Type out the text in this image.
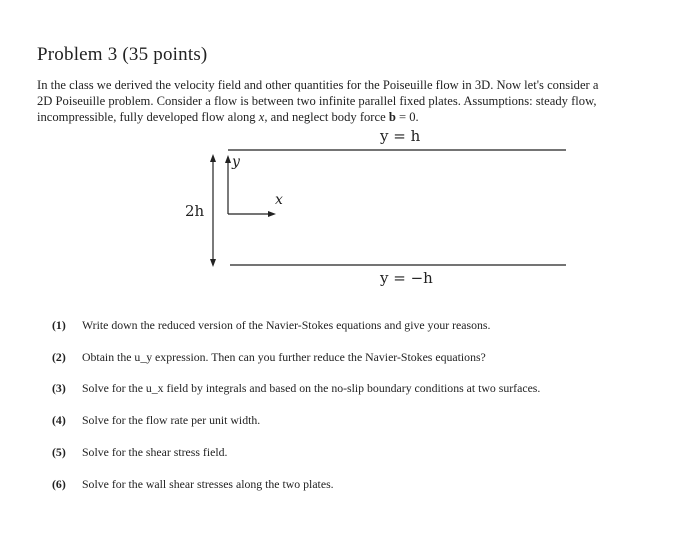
Problem 3 (35 points)
In the class we derived the velocity field and other quantities for the Poiseuille flow in 3D. Now let's consider a
2D Poiseuille problem. Consider a flow is between two infinite parallel fixed plates. Assumptions: steady flow,
incompressible, fully developed flow along x, and neglect body force b = 0.
y = h
y = −h
2h
y
x
(1) Write down the reduced version of the Navier-Stokes equations and give your reasons.
(2) Obtain the u_y expression. Then can you further reduce the Navier-Stokes equations?
(3) Solve for the u_x field by integrals and based on the no-slip boundary conditions at two surfaces.
(4) Solve for the flow rate per unit width.
(5) Solve for the shear stress field.
(6) Solve for the wall shear stresses along the two plates.
